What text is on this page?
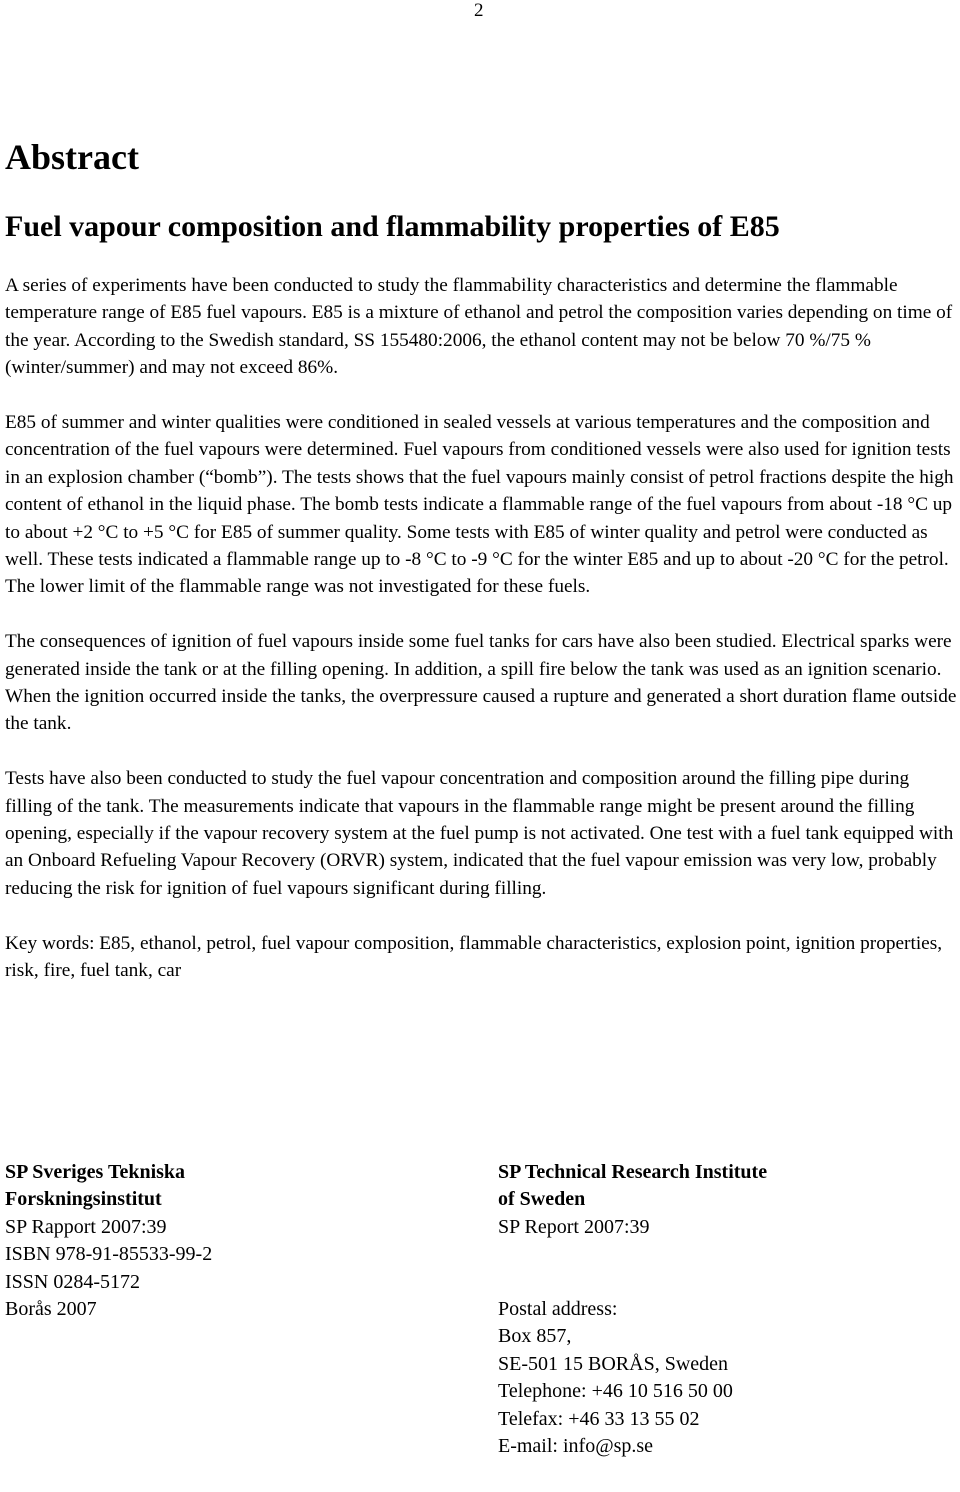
2
Abstract
Fuel vapour composition and flammability properties of E85

A series of experiments have been conducted to study the flammability characteristics and determine the flammable temperature range of E85 fuel vapours. E85 is a mixture of ethanol and petrol the composition varies depending on time of the year. According to the Swedish standard, SS 155480:2006, the ethanol content may not be below 70 %/75 % (winter/summer) and may not exceed 86%.

E85 of summer and winter qualities were conditioned in sealed vessels at various temperatures and the composition and concentration of the fuel vapours were determined. Fuel vapours from conditioned vessels were also used for ignition tests in an explosion chamber (“bomb”). The tests shows that the fuel vapours mainly consist of petrol fractions despite the high content of ethanol in the liquid phase. The bomb tests indicate a flammable range of the fuel vapours from about -18 °C up to about +2 °C to +5 °C for E85 of summer quality. Some tests with E85 of winter quality and petrol were conducted as well. These tests indicated a flammable range up to -8 °C to -9 °C for the winter E85 and up to about -20 °C for the petrol. The lower limit of the flammable range was not investigated for these fuels.

The consequences of ignition of fuel vapours inside some fuel tanks for cars have also been studied. Electrical sparks were generated inside the tank or at the filling opening. In addition, a spill fire below the tank was used as an ignition scenario. When the ignition occurred inside the tanks, the overpressure caused a rupture and generated a short duration flame outside the tank.

Tests have also been conducted to study the fuel vapour concentration and composition around the filling pipe during filling of the tank. The measurements indicate that vapours in the flammable range might be present around the filling opening, especially if the vapour recovery system at the fuel pump is not activated. One test with a fuel tank equipped with an Onboard Refueling Vapour Recovery (ORVR) system, indicated that the fuel vapour emission was very low, probably reducing the risk for ignition of fuel vapours significant during filling.

Key words: E85, ethanol, petrol, fuel vapour composition, flammable characteristics, explosion point, ignition properties, risk, fire, fuel tank, car

SP Sveriges Tekniska
Forskningsinstitut
SP Rapport 2007:39
ISBN 978-91-85533-99-2
ISSN 0284-5172
Borås 2007
SP Technical Research Institute
of Sweden
SP Report 2007:39
Postal address:
Box 857,
SE-501 15 BORÅS, Sweden
Telephone: +46 10 516 50 00
Telefax: +46 33 13 55 02
E-mail: info@sp.se
